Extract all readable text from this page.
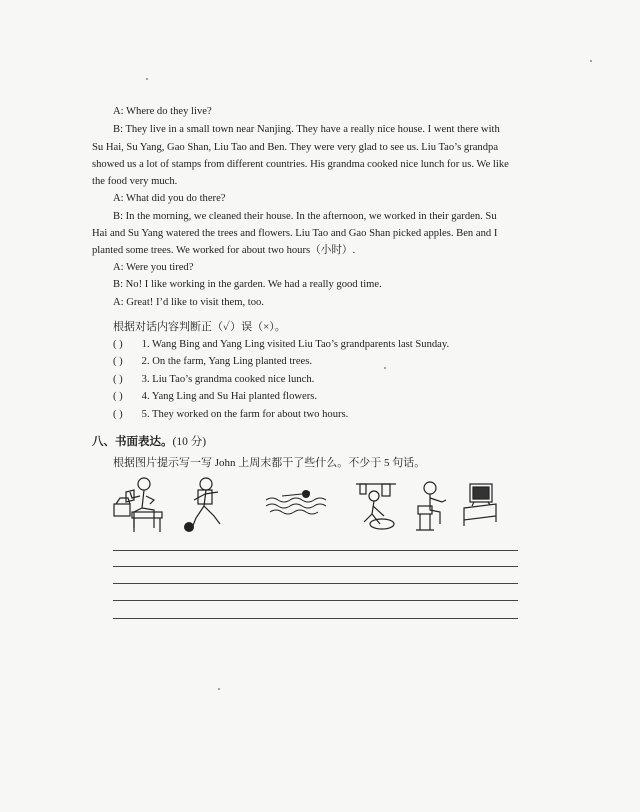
A: Where do they live?
B: They live in a small town near Nanjing. They have a really nice house. I went there with
Su Hai, Su Yang, Gao Shan, Liu Tao and Ben. They were very glad to see us. Liu Tao’s grandpa
showed us a lot of stamps from different countries. His grandma cooked nice lunch for us. We like
the food very much.
A: What did you do there?
B: In the morning, we cleaned their house. In the afternoon, we worked in their garden. Su
Hai and Su Yang watered the trees and flowers. Liu Tao and Gao Shan picked apples. Ben and I
planted some trees. We worked for about two hours（小时）.
A: Were you tired?
B: No! I like working in the garden. We had a really good time.
A: Great! I’d like to visit them, too.
根据对话内容判断正（✓）误（×）。
( ) 1. Wang Bing and Yang Ling visited Liu Tao’s grandparents last Sunday.
( ) 2. On the farm, Yang Ling planted trees.
( ) 3. Liu Tao’s grandma cooked nice lunch.
( ) 4. Yang Ling and Su Hai planted flowers.
( ) 5. They worked on the farm for about two hours.
八、书面表达。(10 分)
根据图片提示写一写 John 上周末都干了些什么。不少于 5 句话。
